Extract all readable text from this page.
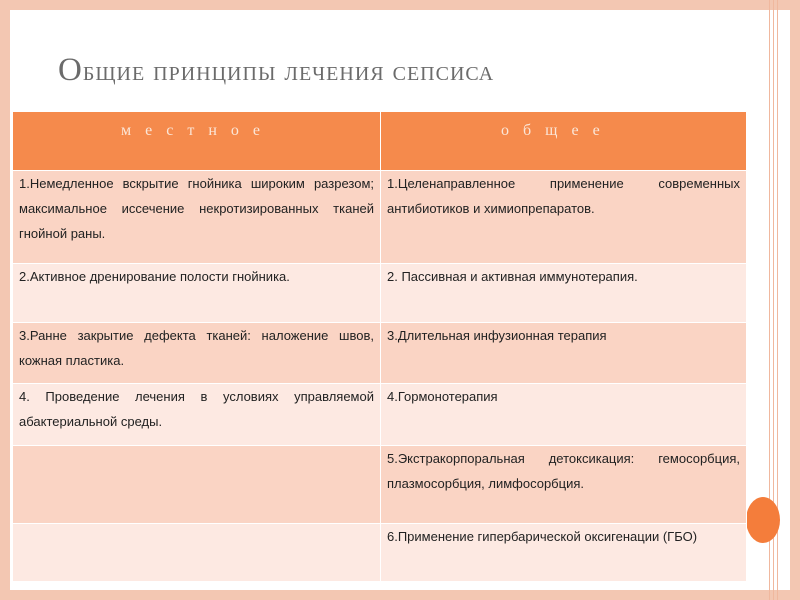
Общие принципы лечения сепсиса
м е с т н о е	о б щ е е
1.Немедленное вскрытие гнойника широким разрезом; максимальное иссечение некротизированных тканей гнойной раны.	1.Целенаправленное применение современных антибиотиков и химиопрепаратов.
2.Активное дренирование полости гнойника.	2. Пассивная и активная иммунотерапия.
3.Ранне закрытие дефекта тканей: наложение швов, кожная пластика.	3.Длительная инфузионная терапия
4. Проведение лечения в условиях управляемой абактериальной среды.	4.Гормонотерапия
	5.Экстракорпоральная детоксикация: гемосорбция, плазмосорбция, лимфосорбция.
	6.Применение гипербарической оксигенации (ГБО)
